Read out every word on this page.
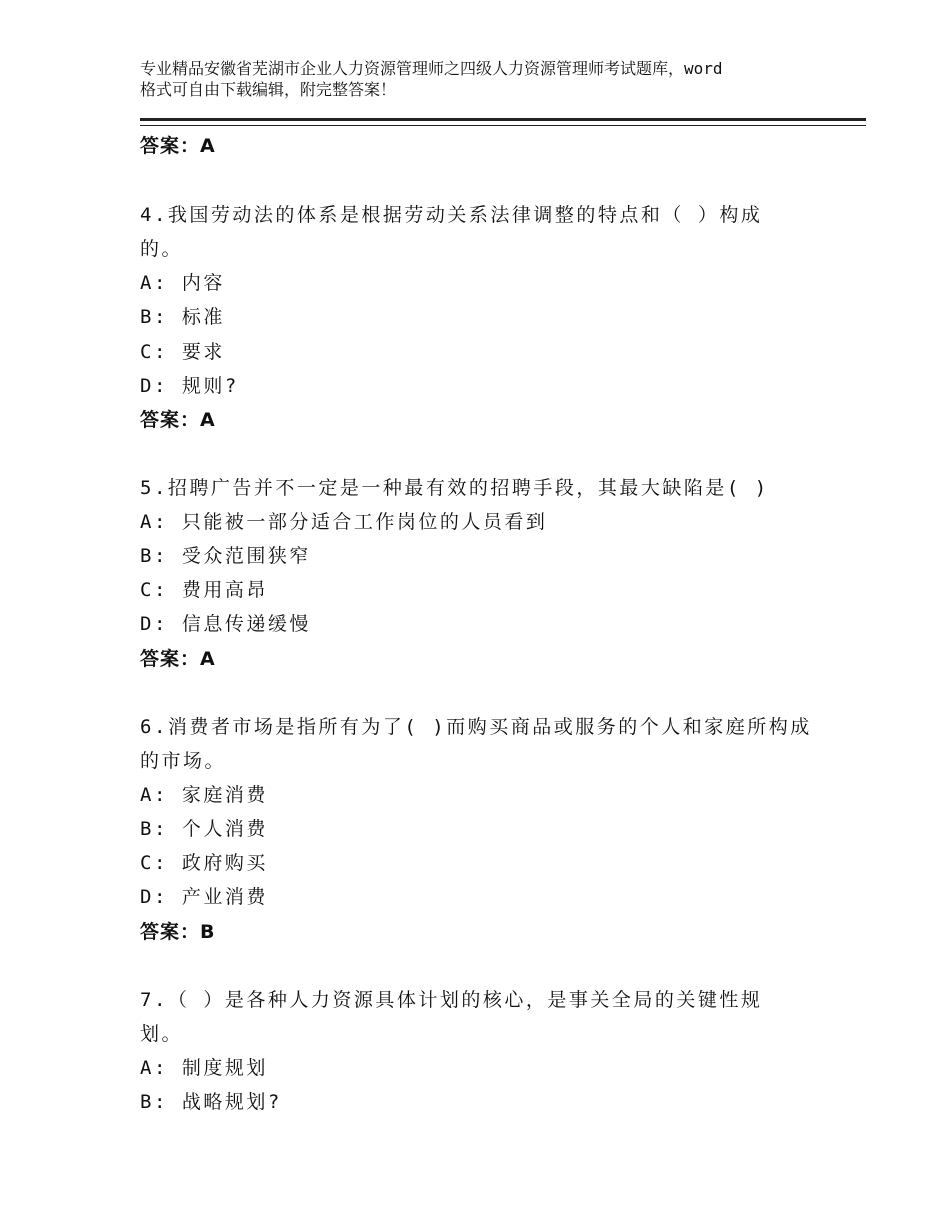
专业精品安徽省芜湖市企业人力资源管理师之四级人力资源管理师考试题库，word
格式可自由下载编辑，附完整答案！
答案：A
4.我国劳动法的体系是根据劳动关系法律调整的特点和（ ）构成
的。
A: 内容
B: 标准
C: 要求
D: 规则?
答案：A
5.招聘广告并不一定是一种最有效的招聘手段，其最大缺陷是( )
A: 只能被一部分适合工作岗位的人员看到
B: 受众范围狭窄
C: 费用高昂
D: 信息传递缓慢
答案：A
6.消费者市场是指所有为了( )而购买商品或服务的个人和家庭所构成
的市场。
A: 家庭消费
B: 个人消费
C: 政府购买
D: 产业消费
答案：B
7.（ ）是各种人力资源具体计划的核心，是事关全局的关键性规
划。
A: 制度规划
B: 战略规划?
